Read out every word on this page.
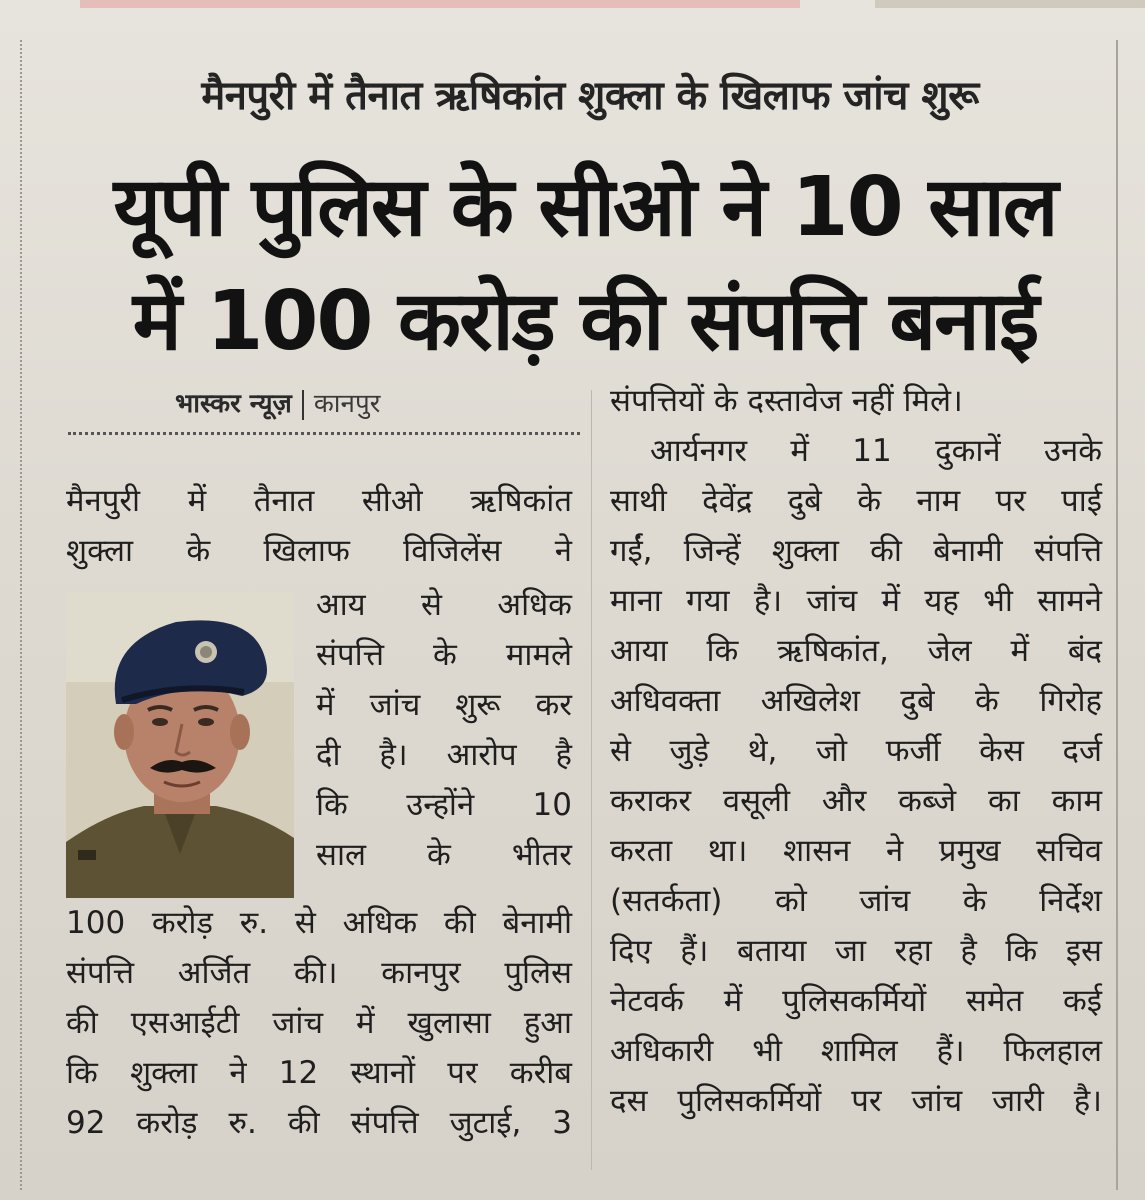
मैनपुरी में तैनात ऋषिकांत शुक्ला के खिलाफ जांच शुरू
यूपी पुलिस के सीओ ने 10 साल
में 100 करोड़ की संपत्ति बनाई
भास्कर न्यूज़ कानपुर
मैनपुरी में तैनात सीओ ऋषिकांत
शुक्ला के खिलाफ विजिलेंस ने
आय से अधिक
संपत्ति के मामले
में जांच शुरू कर
दी है। आरोप है
कि उन्होंने 10
साल के भीतर
100 करोड़ रु. से अधिक की बेनामी
संपत्ति अर्जित की। कानपुर पुलिस
की एसआईटी जांच में खुलासा हुआ
कि शुक्ला ने 12 स्थानों पर करीब
92 करोड़ रु. की संपत्ति जुटाई, 3
संपत्तियों के दस्तावेज नहीं मिले।
आर्यनगर में 11 दुकानें उनके
साथी देवेंद्र दुबे के नाम पर पाई
गईं, जिन्हें शुक्ला की बेनामी संपत्ति
माना गया है। जांच में यह भी सामने
आया कि ऋषिकांत, जेल में बंद
अधिवक्ता अखिलेश दुबे के गिरोह
से जुड़े थे, जो फर्जी केस दर्ज
कराकर वसूली और कब्जे का काम
करता था। शासन ने प्रमुख सचिव
(सतर्कता) को जांच के निर्देश
दिए हैं। बताया जा रहा है कि इस
नेटवर्क में पुलिसकर्मियों समेत कई
अधिकारी भी शामिल हैं। फिलहाल
दस पुलिसकर्मियों पर जांच जारी है।
